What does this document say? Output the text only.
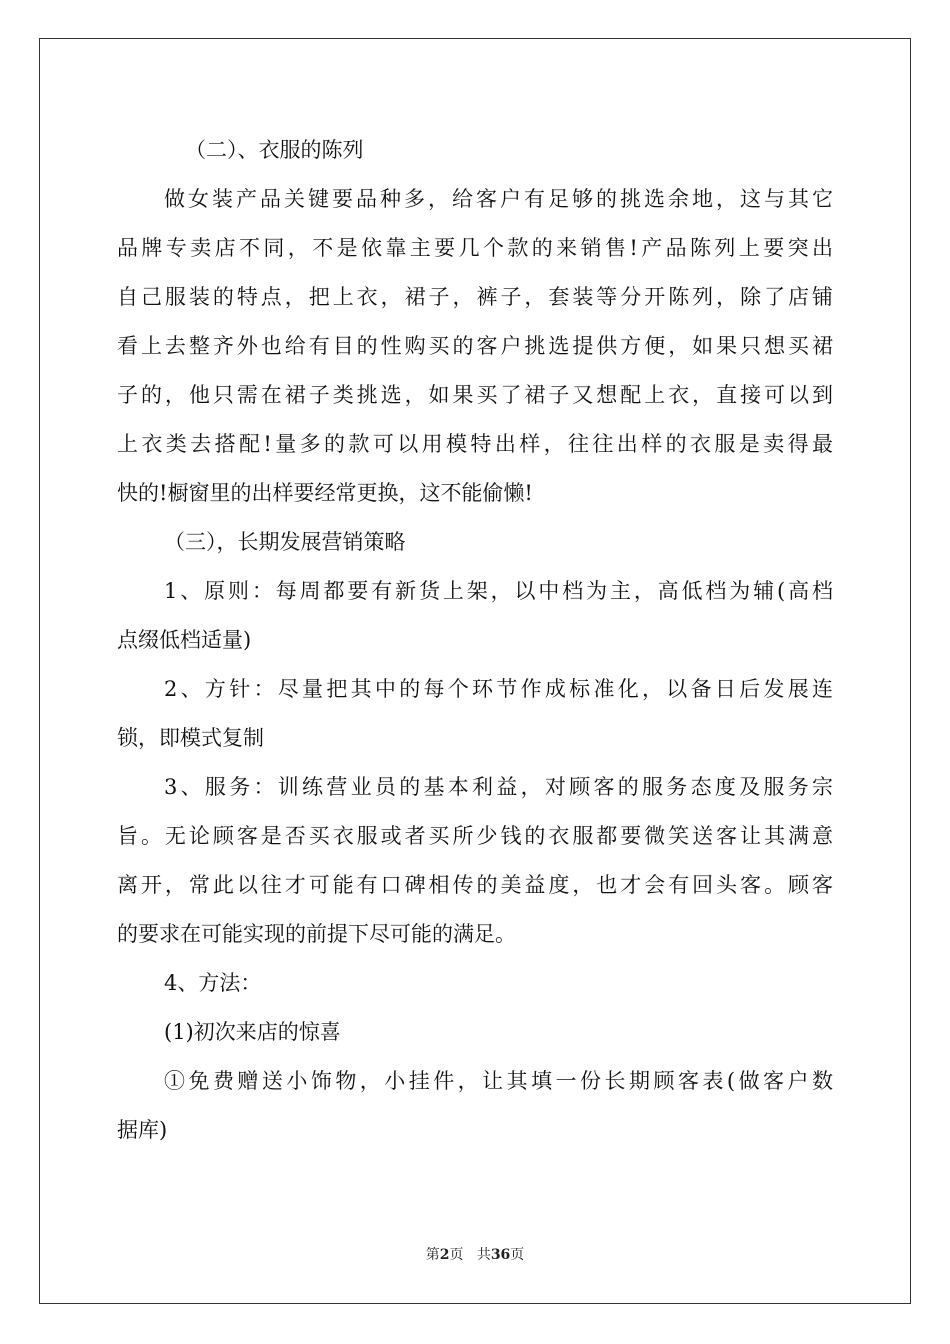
（二）、衣服的陈列
做女装产品关键要品种多，给客户有足够的挑选余地，这与其它
品牌专卖店不同，不是依靠主要几个款的来销售!产品陈列上要突出
自己服装的特点，把上衣，裙子，裤子，套装等分开陈列，除了店铺
看上去整齐外也给有目的性购买的客户挑选提供方便，如果只想买裙
子的，他只需在裙子类挑选，如果买了裙子又想配上衣，直接可以到
上衣类去搭配!量多的款可以用模特出样，往往出样的衣服是卖得最
快的!橱窗里的出样要经常更换，这不能偷懒!
（三），长期发展营销策略
1、原则：每周都要有新货上架，以中档为主，高低档为辅(高档
点缀低档适量)
2、方针：尽量把其中的每个环节作成标准化，以备日后发展连
锁，即模式复制
3、服务：训练营业员的基本利益，对顾客的服务态度及服务宗
旨。无论顾客是否买衣服或者买所少钱的衣服都要微笑送客让其满意
离开，常此以往才可能有口碑相传的美益度，也才会有回头客。顾客
的要求在可能实现的前提下尽可能的满足。
4、方法：
(1)初次来店的惊喜
①免费赠送小饰物，小挂件，让其填一份长期顾客表(做客户数
据库)
第2页 共36页
